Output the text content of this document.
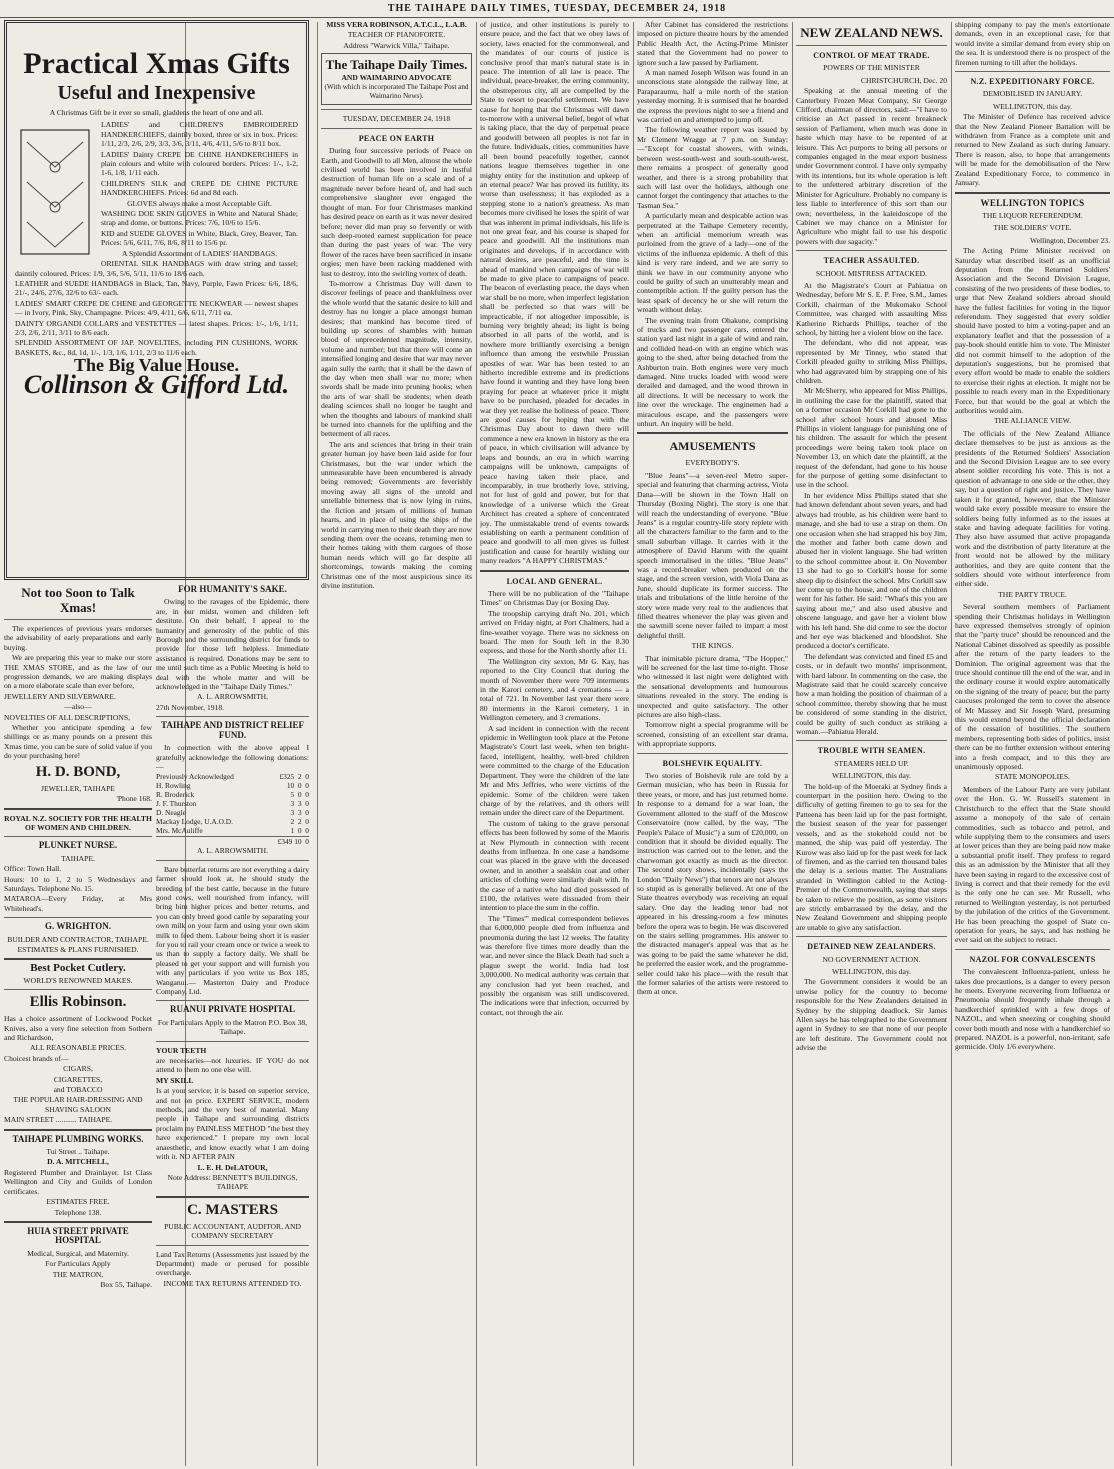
THE TAIHAPE DAILY TIMES, TUESDAY, DECEMBER 24, 1918
Practical Xmas Gifts
Useful and Inexpensive

A Christmas Gift be it ever so small, gladdens the heart of one and all.

LADIES' and CHILDREN'S EMBROIDERED HANDKERCHIEFS, daintily boxed, three or six in box. Prices: 1/11, 2/3, 2/6, 2/9, 3/3, 3/6, 3/11, 4/6, 4/11, 5/6 to 8/11 box.

LADIES' Dainty CREPE DE CHINE HANDKERCHIEFS in plain colours and white with coloured borders. Prices: 1/-, 1-2, 1-6, 1/8, 1/11 each.

CHILDREN'S SILK and CREPE DE CHINE PICTURE HANDKERCHIEFS. Prices: 6d and 8d each.

GLOVES always make a most Acceptable Gift.

WASHING DOE SKIN GLOVES in White and Natural Shade; strap and dome, or buttons. Prices: 7/6, 10/6 to 15/6.

KID and SUEDE GLOVES in White, Black, Grey, Beaver, Tan. Prices: 5/6, 6/11, 7/6, 8/6, 8/11 to 15/6 pr.

A Splendid Assortment of LADIES' HANDBAGS.

ORIENTAL SILK HANDBAGS with draw string and tassel; daintily coloured. Prices: 1/9, 3/6, 5/6, 5/11, 11/6 to 18/6 each.

LEATHER and SUEDE HANDBAGS in Black, Tan, Navy, Purple, Fawn Prices: 6/6, 18/6, 21/-, 24/6, 27/6, 32/6 to 63/- each.

LADIES' SMART CREPE DE CHENE and GEORGETTE NECKWEAR — newest shapes — in Ivory, Pink, Sky, Champagne. Prices: 4/9, 4/11, 6/6, 6/11, 7/11 ea.

DAINTY ORGANDI COLLARS and VESTETTES — latest shapes. Prices: 1/-, 1/6, 1/11, 2/3, 2/6, 2/11, 3/11 to 8/6 each.

SPLENDID ASSORTMENT OF JAP. NOVELTIES, including PIN CUSHIONS, WORK BASKETS, &c., 8d, 1d, 1/-, 1/3, 1/6, 1/11, 2/3 to 11/6 each.

The Big Value House.
Collinson & Gifford Ltd.
Not too Soon to Talk Xmas!

The experiences of previous years endorses the advisability of early preparations and early buying.

We are preparing this year to make our store THE XMAS STORE, and as the law of our progression demands, we are making displays on a more elaborate scale than ever before,

JEWELLERY AND SILVERWARE.

—also—

NOVELTIES OF ALL DESCRIPTIONS,

Whether you anticipate spending a few shillings or as many pounds on a present this Xmas time, you can be sure of solid value if you do your purchasing here!

H. D. BOND,

JEWELLER, TAIHAPE

'Phone 168.

ROYAL N.Z. SOCIETY FOR THE HEALTH OF WOMEN AND CHILDREN.

PLUNKET NURSE.

TAIHAPE.

Office: Town Hall.

Hours: 10 to 1, 2 to 5 Wednesdays and Saturdays. Telephone No. 15.

MATAROA—Every Friday, at Mrs Whitehead's.

G. WRIGHTON.

BUILDER AND CONTRACTOR, TAIHAPE.

ESTIMATES & PLANS FURNISHED.

Best Pocket Cutlery.

WORLD'S RENOWNED MAKES.

Ellis Robinson.

Has a choice assortment of Lockwood Pocket Knives, also a very fine selection from Sothern and Richardson,

ALL REASONABLE PRICES.

Choicest brands of—

CIGARS,

CIGARETTES,

and TOBACCO

THE POPULAR HAIR-DRESSING AND SHAVING SALOON

MAIN STREET ........... TAIHAPE.

TAIHAPE PLUMBING WORKS.

Tui Street .. Taihape.

D. A. MITCHELL,

Registered Plumber and Drainlayer. 1st Class Wellington and City and Guilds of London certificates.

ESTIMATES FREE.

Telephone 138.

HUIA STREET PRIVATE HOSPITAL

Medical, Surgical, and Maternity.

For Particulars Apply

THE MATRON,

Box 55, Taihape.

FOR HUMANITY'S SAKE.

Owing to the ravages of the Epidemic, there are, in our midst, women and children left destitute. On their behalf, I appeal to the humanity and generosity of the public of this Borough and the surrounding district for funds to provide for those left helpless. Immediate assistance is required. Donations may be sent to me until such time as a Public Meeting is held to deal with the whole matter and will be acknowledged in the "Taihape Daily Times."

A. L. ARROWSMITH,

27th November, 1918.

TAIHAPE AND DISTRICT RELIEF FUND.

In connection with the above appeal I gratefully acknowledge the following donations:—

Previously Acknowledged	£325  2  0
H. Rowling	10  0  0
R. Broderick	5  0  0
J. F. Thurston	3  3  0
D. Neagle	3  3  0
Mackay Lodge, U.A.O.D.	2  2  0
Mrs. McAuliffe	1  0  0
£349 10  0

A. L. ARROWSMITH.

Bare butterfat returns are not everything a dairy farmer should look at, he should study the breeding of the best cattle, because in the future good cows, well nourished from infancy, will bring him higher prices and better returns, and you can only breed good cattle by separating your own milk on your farm and using your own skim milk to feed them. Labour being short it is easier for you to rail your cream once or twice a week to us than to supply a factory daily. We shall be pleased to get your support and will furnish you with any particulars if you write us Box 185, Wanganui.— Masterton Dairy and Produce Company, Ltd.

RUANUI PRIVATE HOSPITAL

For Particulars Apply to the Matron P.O. Box 38, Taihape.

YOUR TEETH

are necessaries—not luxuries. IF YOU do not attend to them no one else will.

MY SKILL

Is at your service; it is based on superior service, and not on price. EXPERT SERVICE, modern methods, and the very best of material. Many people in Taihape and surrounding districts proclaim my PAINLESS METHOD "the best they have experienced." I prepare my own local anaesthetic, and know exactly what I am doing with it. NO AFTER PAIN

L. E. H. DeLATOUR,

Note Address: BENNETT'S BUILDINGS, TAIHAPE

C. MASTERS

PUBLIC ACCOUNTANT, AUDITOR, AND COMPANY SECRETARY

Land Tax Returns (Assessments just issued by the Department) made or perused for possible overcharge.

INCOME TAX RETURNS ATTENDED TO.

MISS VERA ROBINSON, A.T.C.L., L.A.B.

TEACHER OF PIANOFORTE.

Address "Warwick Villa," Taihape.

The Taihape Daily Times.
AND WAIMARINO ADVOCATE
(With which is incorporated The Taihape Post and Waimarino News).

TUESDAY, DECEMBER 24, 1918

PEACE ON EARTH

During four successive periods of Peace on Earth, and Goodwill to all Men, almost the whole civilised world has been involved in lustful destruction of human life on a scale and of a magnitude never before heard of, and had such comprehensive slaughter ever engaged the thought of man. For four Christmases mankind has desired peace on earth as it was never desired before; never did man pray so fervently or with such deep-rooted earnest supplication for peace than during the past years of war. The very flower of the races have been sacrificed in insane orgies; men have been racking maddened with lust to destroy, into the swirling vortex of death.

To-morrow a Christmas Day will dawn to discover feelings of peace and thankfulness over the whole world that the satanic desire to kill and destroy has no longer a place amongst human desires; that mankind has become tired of building up scores of shambles with human blood of unprecedented magnitude, intensity, volume and number; but that there will come an intensified longing and desire that war may never again sully the earth; that it shall be the dawn of the day when men shall war no more; when swords shall be made into pruning hooks; when the arts of war shall be students; when death dealing sciences shall no longer be taught and when the thoughts and labours of mankind shall be turned into channels for the uplifting and the betterment of all races.

The arts and sciences that bring in their train greater human joy have been laid aside for four Christmases, but the war under which the unmeasurable have been encumbered is already being removed; Governments are feverishly moving away all signs of the untold and untellable bitterness that is now lying in ruins, the fiction and jetsam of millions of human hearts, and in place of using the ships of the world in carrying men to their death they are now sending them over the oceans, returning men to their homes taking with them cargoes of those human needs which will go far despite all shortcomings, towards making the coming Christmas one of the most auspicious since its divine institution.

of justice, and other institutions is purely to ensure peace, and the fact that we obey laws of society, laws enacted for the commonweal, and the mandates of our courts of justice is conclusive proof that man's natural state is in peace. The intention of all law is peace. The individual, peace-breaker, the erring community, the obstreperous city, all are compelled by the State to resort to peaceful settlement. We have cause for hoping that the Christmas will dawn to-morrow with a universal belief, begot of what is taking place, that the day of perpetual peace and goodwill between all peoples is not far in the future. Individuals, cities, communities have all been bound peacefully together, cannot nations league themselves together in one mighty entity for the institution and upkeep of an eternal peace? War has proved its futility, its worse than uselessness; it has exploded as a stepping stone to a nation's greatness. As man becomes more civilised he loses the spirit of war that was inherent in primal individuals, his life is not one great fear, and his course is shaped for peace and goodwill. All the institutions man originates and develops, if in accordance with natural desires, are peaceful, and the time is ahead of mankind when campaigns of war will be made to give place to campaigns of peace. The beacon of everlasting peace, the days when war shall be no more, when imperfect legislation shall be perfected so that wars will be impracticable, if not altogether impossible, is burning very brightly ahead; its light is being absorbed in all parts of the world, and is nowhere more brilliantly exercising a benign influence than among the erstwhile Prussian apostles of war. War has been tested to an hitherto incredible extreme and its predictions have found it wanting and they have long been praying for peace at whatever price it might have to be purchased, pleaded for decades in war they yet realise the holiness of peace. There are good causes for hoping that with the Christmas Day about to dawn there will commence a new era known in history as the era of peace, in which civilisation will advance by leaps and bounds, an era in which warring campaigns will be unknown, campaigns of peace having taken their place, and incomparably, in true brotherly love, striving, not for lust of gold and power, but for that knowledge of a universe which the Great Architect has created a sphere of concentrated joy. The unmistakable trend of events towards establishing on earth a permanent condition of peace and goodwill to all men gives us fullest justification and cause for heartily wishing our many readers "A HAPPY CHRISTMAS."

LOCAL AND GENERAL.

There will be no publication of the "Taihape Times" on Christmas Day (or Boxing Day.

The troopship carrying draft No. 201, which arrived on Friday night, at Port Chalmers, had a fine-weather voyage. There was no sickness on board. The men for South left in the 8.30 express, and those for the North shortly after 11.

The Wellington city sexton, Mr G. Kay, has reported to the City Council that during the month of November there were 709 interments in the Karori cemetery, and 4 cremations — a total of 721. In November last year there were 80 interments in the Karori cemetery, 1 in Wellington cemetery, and 3 cremations.

A sad incident in connection with the recent epidemic in Wellington took place at the Petone Magistrate's Court last week, when ten bright-faced, intelligent, healthy, well-bred children were committed to the charge of the Education Department. They were the children of the late Mr and Mrs Jeffries, who were victims of the epidemic. Some of the children were taken charge of by the relatives, and th others will remain under the direct care of the Department.

The custom of taking to the grave personal effects has been followed by some of the Maoris at New Plymouth in connection with recent deaths from influenza. In one case a handsome coat was placed in the grave with the deceased owner, and in another a sealskin coat and other articles of clothing were similarly dealt with. In the case of a native who had died possessed of £100, the relatives were dissuaded from their intention to place the sum in the coffin.

The "Times'" medical correspondent believes that 6,000,000 people died from influenza and pneumonia during the last 12 weeks. The fatality was therefore five times more deadly than the war, and never since the Black Death had such a plague swept the world. India had lost 3,000,000. No medical authority was certain that any conclusion had yet been reached, and possibly the organism was still undiscovered. The indications were that infection, occurred by contact, not through the air.

After Cabinet has considered the restrictions imposed on picture theatre hours by the amended Public Health Act, the Acting-Prime Minister stated that the Government had no power to ignore such a law passed by Parliament.

A man named Joseph Wilson was found in an unconscious state alongside the railway line, at Paraparaumu, half a mile north of the station yesterday morning. It is surmised that he boarded the express the previous night to see a friend and was carried on and attempted to jump off.

The following weather report was issued by Mr Clement Wragge at 7 p.m. on Sunday:—"Except for coastal showers, with winds, between west-south-west and south-south-west, there remains a prospect of generally good weather, and there is a strong probability that such will last over the holidays, although one cannot forget the contingency that attaches to the Tasman Sea."

A particularly mean and despicable action was perpetrated at the Taihape Cemetery recently, when an artificial memorium wreath was purloined from the grave of a lady—one of the victims of the influenza epidemic. A theft of this kind is very rare indeed, and we are sorry to think we have in our community anyone who could be guilty of such an unutterably mean and contemptible action. If the guilty person has the least spark of decency he or she will return the wreath without delay.

The evening train from Ohakune, comprising of trucks and two passenger cars, entered the station yard last night in a gale of wind and rain, and collided head-on with an engine which was going to the shed, after being detached from the Ashburton train. Both engines were very much damaged. Nine trucks loaded with wood were derailed and damaged, and the wood thrown in all directions. It will be necessary to work the line over the wreckage. The enginemen had a miraculous escape, and the passengers were unhurt. An inquiry will be held.

AMUSEMENTS
EVERYBODY'S.

"Blue Jeans"—a seven-reel Metro super-special and featuring that charming actress, Viola Dana—will be shown in the Town Hall on Thursday (Boxing Night). The story is one that will reach the understanding of everyone. "Blue Jeans" is a regular country-life story replete with all the characters familiar to the farm and to the small suburban village. It carries with it the atmosphere of David Harum with the quaint speech immortalised in the titles. "Blue Jeans" was a record-breaker when produced on the stage, and the screen version, with Viola Dana as June, should duplicate its former success. The trials and tribulations of the little heroine of the story were made very real to the audiences that filled theatres whenever the play was given and the sawmill scene never failed to impart a most delightful thrill.

THE KINGS.

That inimitable picture drama, "The Hopper," will be screened for the last time to-night. Those who witnessed it last night were delighted with the sensational developments and humourous situations revealed in the story. The ending is unexpected and quite satisfactory. The other pictures are also high-class.

Tomorrow night a special programme will be screened, consisting of an excellent star drama, with appropriate supports.

BOLSHEVIK EQUALITY.

Two stories of Bolshevik rule are told by a German musician, who has been in Russia for three years, or more, and has just returned home. In response to a demand for a war loan, the Government allotted to the staff of the Moscow Conservatoire (now called, by the way, "The People's Palace of Music") a sum of £20,000, on condition that it should be divided equally. The instruction was carried out to the letter, and the charwoman got exactly as much as the director. The second story shows, incidentally (says the London "Daily News") that tenors are not always so stupid as is generally believed. At one of the State theatres everybody was receiving an equal salary. One day the leading tenor had not appeared in his dressing-room a few minutes before the opera was to begin. He was discovered on the stairs selling programmes. His answer to the distracted manager's appeal was that as he was going to be paid the same whatever he did, he preferred the easier work, and the programme-seller could take his place—with the result that the former salaries of the artists were restored to them at once.

NEW ZEALAND NEWS.
CONTROL OF MEAT TRADE.
POWERS OF THE MINISTER

CHRISTCHURCH, Dec. 20

Speaking at the annual meeting of the Canterbury Frozen Meat Company, Sir George Clifford, chairman of directors, said:—"I have to criticise an Act passed in recent breakneck session of Parliament, when much was done in haste which may have to be repented of at leisure. This Act purports to bring all persons or companies engaged in the meat export business under Government control. I have only sympathy with its intentions, but its whole operation is left to the unfettered arbitrary discretion of the Minister for Agriculture. Probably no company is less liable to interference of this sort than our own; nevertheless, in the kaleidoscope of the Cabinet we may chance on a Minister for Agriculture who might fail to use his despotic powers with due sagacity."

TEACHER ASSAULTED.
SCHOOL MISTRESS ATTACKED.

At the Magistrate's Court at Pahiatua on Wednesday, before Mr S. E. P. Free, S.M., James Corkill, chairman of the Mukomako School Committee, was charged with assaulting Miss Katherine Richards Phillips, teacher of the school, by hitting her a violent blow on the face.

The defendant, who did not appear, was represented by Mr Tinney, who stated that Corkill pleaded guilty to striking Miss Phillips, who had aggravated him by strapping one of his children.

Mr McSherry, who appeared for Miss Phillips, in outlining the case for the plaintiff, stated that on a former occasion Mr Corkill had gone to the school after school hours and abused Miss Phillips in violent language for punishing one of his children. The assault for which the present proceedings were being taken took place on November 13, on which date the plaintiff, at the request of the defendant, had gone to his house for the purpose of getting some disinfectant to use in the school.

In her evidence Miss Phillips stated that she had known defendant about seven years, and had always had trouble, as his children were hard to manage, and she had to use a strap on them. On one occasion when she had strapped his boy Jim, the mother and father both came down and abused her in violent language. She had written to the school committee about it. On November 13 she had to go to Corkill's house for some sheep dip to disinfect the school. Mrs Corkill saw her come up to the house, and one of the children went for his father. He said: "What's this you are saying about me," and also used abusive and obscene language, and gave her a violent blow with his left hand. She did come to see the doctor and her eye was blackened and bloodshot. She produced a doctor's certificate.

The defendant was convicted and fined £5 and costs, or in default two months' imprisonment, with hard labour. In commenting on the case, the Magistrate said that he could scarcely conceive how a man holding the position of chairman of a school committee, thereby showing that he must be considered of some standing in the district, could be guilty of such conduct as striking a woman.—Pahiatua Herald.

TROUBLE WITH SEAMEN.
STEAMERS HELD UP.

WELLINGTON, this day.

The hold-up of the Moeraki at Sydney finds a counterpart in the position here. Owing to the difficulty of getting firemen to go to sea for the Patteena has been laid up for the past fortnight, the busiest season of the year for passenger vessels, and as the stokehold could not be manned, the ship was paid off yesterday. The Kurow was also laid up for the past week for lack of firemen, and as the carried ten thousand bales the delay is a serious matter. The Australians stranded in Wellington cabled to the Acting-Premier of the Commonwealth, saying that steps be taken to relieve the position, as some visitors are strictly embarrassed by the delay, and the New Zealand Government and shipping people are unable to give any satisfaction.

DETAINED NEW ZEALANDERS.
NO GOVERNMENT ACTION.

WELLINGTON, this day.

The Government considers it would be an unwise policy for the country to become responsible for the New Zealanders detained in Sydney by the shipping deadlock. Sir James Allen says he has telegraphed to the Government agent in Sydney to see that none of our people are left destitute. The Government could not advise the

shipping company to pay the men's extortionate demands, even in an exceptional case, for that would invite a similar demand from every ship on the sea. It is understood there is no prospect of the firemen turning to till after the holidays.

N.Z. EXPEDITIONARY FORCE.
DEMOBILISED IN JANUARY.

WELLINGTON, this day.

The Minister of Defence has received advice that the New Zealand Pioneer Battalion will be withdrawn from France as a complete unit and returned to New Zealand as such during January. There is reason, also, to hope that arrangements will be made for the demobilisation of the New Zealand Expeditionary Force, to commence in January.

WELLINGTON TOPICS
THE LIQUOR REFERENDUM.
THE SOLDIERS' VOTE.

Wellington, December 23.

The Acting Prime Minister received on Saturday what described itself as an unofficial deputation from the Returned Soldiers' Association and the Second Division League, consisting of the two presidents of these bodies, to urge that New Zealand soldiers abroad should have the fullest facilities for voting in the liquor referendum. They suggested that every soldier should have posted to him a voting-paper and an explanatory leaflet and that the possession of a pay-book should entitle him to vote. The Minister did not commit himself to the adoption of the deputation's suggestions, but he promised that every effort would be made to enable the soldiers to exercise their rights at election. It might not be possible to reach every man in the Expeditionary Force, but that would be the goal at which the authorities would aim.

THE ALLIANCE VIEW.

The officials of the New Zealand Alliance declare themselves to be just as anxious as the presidents of the Returned Soldiers' Association and the Second Division League are to see every absent soldier recording his vote. This is not a question of advantage to one side or the other, they say, but a question of right and justice. They have taken it for granted, however, that the Minister would take every possible measure to ensure the soldiers being fully informed as to the issues at stake and having adequate facilities for voting. They also have assumed that active propaganda work and the distribution of party literature at the front would not be allowed by the military authorities, and they are quite content that the soldiers should vote without interference from either side.

THE PARTY TRUCE.

Several southern members of Parliament spending their Christmas holidays in Wellington have expressed themselves strongly of opinion that the "party truce" should be renounced and the National Cabinet dissolved as speedily as possible after the return of the party leaders to the Dominion. The original agreement was that the truce should continue till the end of the war, and in the ordinary course it would expire automatically on the signing of the treaty of peace; but the party caucuses prolonged the term to cover the absence of Mr Massey and Sir Joseph Ward, presuming this would extend beyond the official declaration of the cessation of hostilities. The southern members, representing both sides of politics, insist there can be no further extension without entering into a fresh compact, and to this they are unanimously opposed.

STATE MONOPOLIES.

Members of the Labour Party are very jubilant over the Hon. G. W. Russell's statement in Christchurch to the effect that the State should assume a monopoly of the sale of certain commodities, such as tobacco and petrol, and while supplying them to the consumers and users at lower prices than they are being paid now make a substantial profit itself. They profess to regard this as an admission by the Minister that all they have been saying in regard to the excessive cost of living is correct and that their remedy for the evil is the only one he can see. Mr Russell, who returned to Wellington yesterday, is not perturbed by the jubilation of the critics of the Government. He has been preaching the gospel of State co-operation for years, he says, and has nothing he ever said on the subject to retract.

NAZOL FOR CONVALESCENTS

The convalescent Influenza-patient, unless he takes due precautions, is a danger to every person he meets. Everyone recovering from Influenza or Pneumonia should frequently inhale through a handkerchief sprinkled with a few drops of NAZOL, and when sneezing or coughing should cover both mouth and nose with a handkerchief so prepared. NAZOL is a powerful, non-irritant, safe germicide. Only 1/6 everywhere.
